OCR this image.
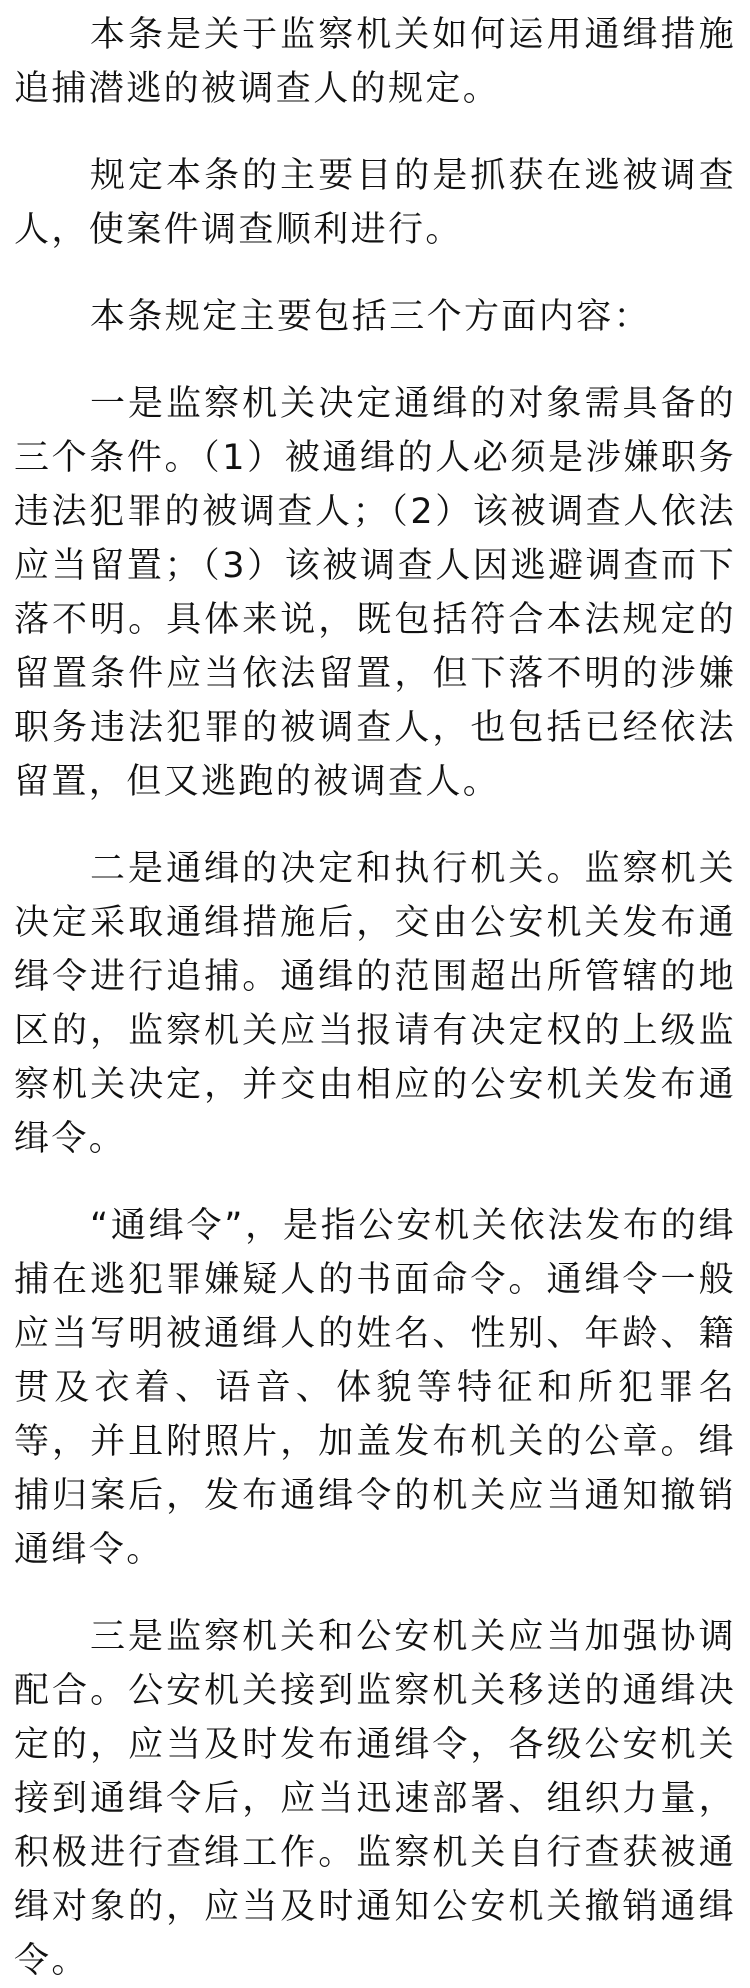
本条是关于监察机关如何运用通缉措施追捕潜逃的被调查人的规定。

规定本条的主要目的是抓获在逃被调查人，使案件调查顺利进行。

本条规定主要包括三个方面内容：

一是监察机关决定通缉的对象需具备的三个条件。（1）被通缉的人必须是涉嫌职务违法犯罪的被调查人；（2）该被调查人依法应当留置；（3）该被调查人因逃避调查而下落不明。具体来说，既包括符合本法规定的留置条件应当依法留置，但下落不明的涉嫌职务违法犯罪的被调查人，也包括已经依法留置，但又逃跑的被调查人。

二是通缉的决定和执行机关。监察机关决定采取通缉措施后，交由公安机关发布通缉令进行追捕。通缉的范围超出所管辖的地区的，监察机关应当报请有决定权的上级监察机关决定，并交由相应的公安机关发布通缉令。

“通缉令”，是指公安机关依法发布的缉捕在逃犯罪嫌疑人的书面命令。通缉令一般应当写明被通缉人的姓名、性别、年龄、籍贯及衣着、语音、体貌等特征和所犯罪名等，并且附照片，加盖发布机关的公章。缉捕归案后，发布通缉令的机关应当通知撤销通缉令。

三是监察机关和公安机关应当加强协调配合。公安机关接到监察机关移送的通缉决定的，应当及时发布通缉令，各级公安机关接到通缉令后，应当迅速部署、组织力量，积极进行查缉工作。监察机关自行查获被通缉对象的，应当及时通知公安机关撤销通缉令。
